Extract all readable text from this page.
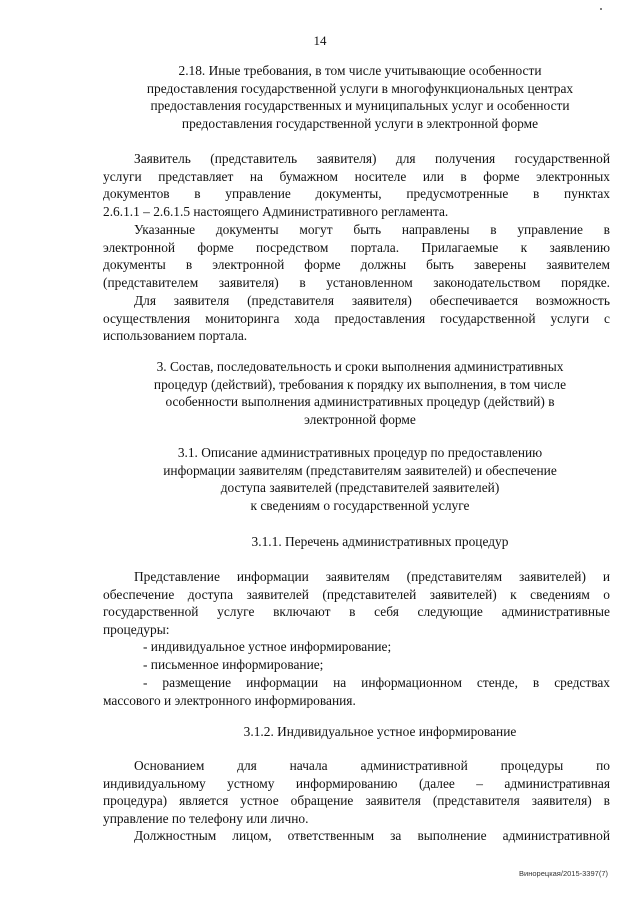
14
2.18. Иные требования, в том числе учитывающие особенности
предоставления государственной услуги в многофункциональных центрах
предоставления государственных и муниципальных услуг и особенности
предоставления государственной услуги в электронной форме
Заявитель (представитель заявителя) для получения государственной
услуги представляет на бумажном носителе или в форме электронных
документов в управление документы, предусмотренные в пунктах
2.6.1.1 – 2.6.1.5 настоящего Административного регламента.
Указанные документы могут быть направлены в управление в
электронной форме посредством портала. Прилагаемые к заявлению
документы в электронной форме должны быть заверены заявителем
(представителем заявителя) в установленном законодательством порядке.
Для заявителя (представителя заявителя) обеспечивается возможность
осуществления мониторинга хода предоставления государственной услуги с
использованием портала.
3. Состав, последовательность и сроки выполнения административных
процедур (действий), требования к порядку их выполнения, в том числе
особенности выполнения административных процедур (действий) в
электронной форме
3.1. Описание административных процедур по предоставлению
информации заявителям (представителям заявителей) и обеспечение
доступа заявителей (представителей заявителей)
к сведениям о государственной услуге
3.1.1. Перечень административных процедур
Представление информации заявителям (представителям заявителей) и
обеспечение доступа заявителей (представителей заявителей) к сведениям о
государственной услуге включают в себя следующие административные
процедуры:
- индивидуальное устное информирование;
- письменное информирование;
- размещение информации на информационном стенде, в средствах
массового и электронного информирования.
3.1.2. Индивидуальное устное информирование
Основанием для начала административной процедуры по
индивидуальному устному информированию (далее – административная
процедура) является устное обращение заявителя (представителя заявителя) в
управление по телефону или лично.
Должностным лицом, ответственным за выполнение административной
Винорецкая/2015-3397(7)
